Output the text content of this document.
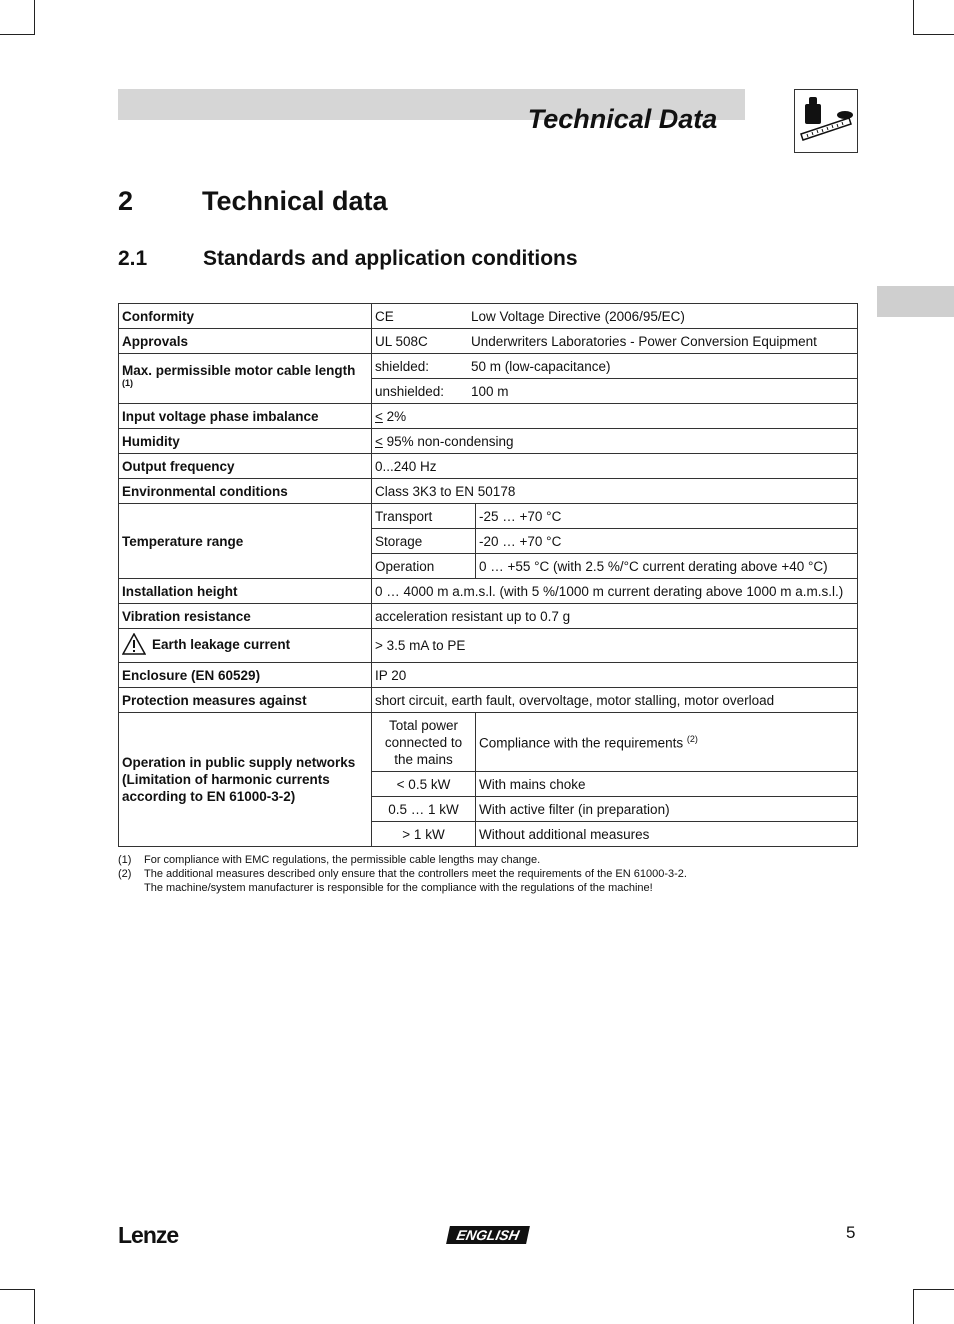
Technical Data
2	Technical data
2.1	Standards and application conditions
Conformity	CE Low Voltage Directive (2006/95/EC)	
Approvals	UL 508C Underwriters Laboratories - Power Conversion Equipment	
Max. permissible motor cable length $^{(1)}$	shielded: 50 m (low-capacitance)	
	unshielded: 100 m	
Input voltage phase imbalance	< 2%	
Humidity	< 95% non-condensing	
Output frequency	0...240 Hz	
Environmental conditions	Class 3K3 to EN 50178	
Temperature range	Transport	-25 … +70 °C
	Storage	-20 … +70 °C
	Operation	0 … +55 °C (with 2.5 %/°C current derating above +40 °C)
Installation height	0 … 4000 m a.m.s.l. (with 5 %/1000 m current derating above 1000 m a.m.s.l.)	
Vibration resistance	acceleration resistant up to 0.7 g	
Earth leakage current	> 3.5 mA to PE	
Enclosure (EN 60529)	IP 20	
Protection measures against	short circuit, earth fault, overvoltage, motor stalling, motor overload	
Operation in public supply networks (Limitation of harmonic currents according to EN 61000-3-2)	Total power connected to the mains	Compliance with the requirements $^{(2)}$
	< 0.5 kW	With mains choke
	0.5 … 1 kW	With active filter (in preparation)
	> 1 kW	Without additional measures
(1)	For compliance with EMC regulations, the permissible cable lengths may change.
(2)	The additional measures described only ensure that the controllers meet the requirements of the EN 61000-3-2.
The machine/system manufacturer is responsible for the compliance with the regulations of the machine!
Lenze	ENGLISH	5
